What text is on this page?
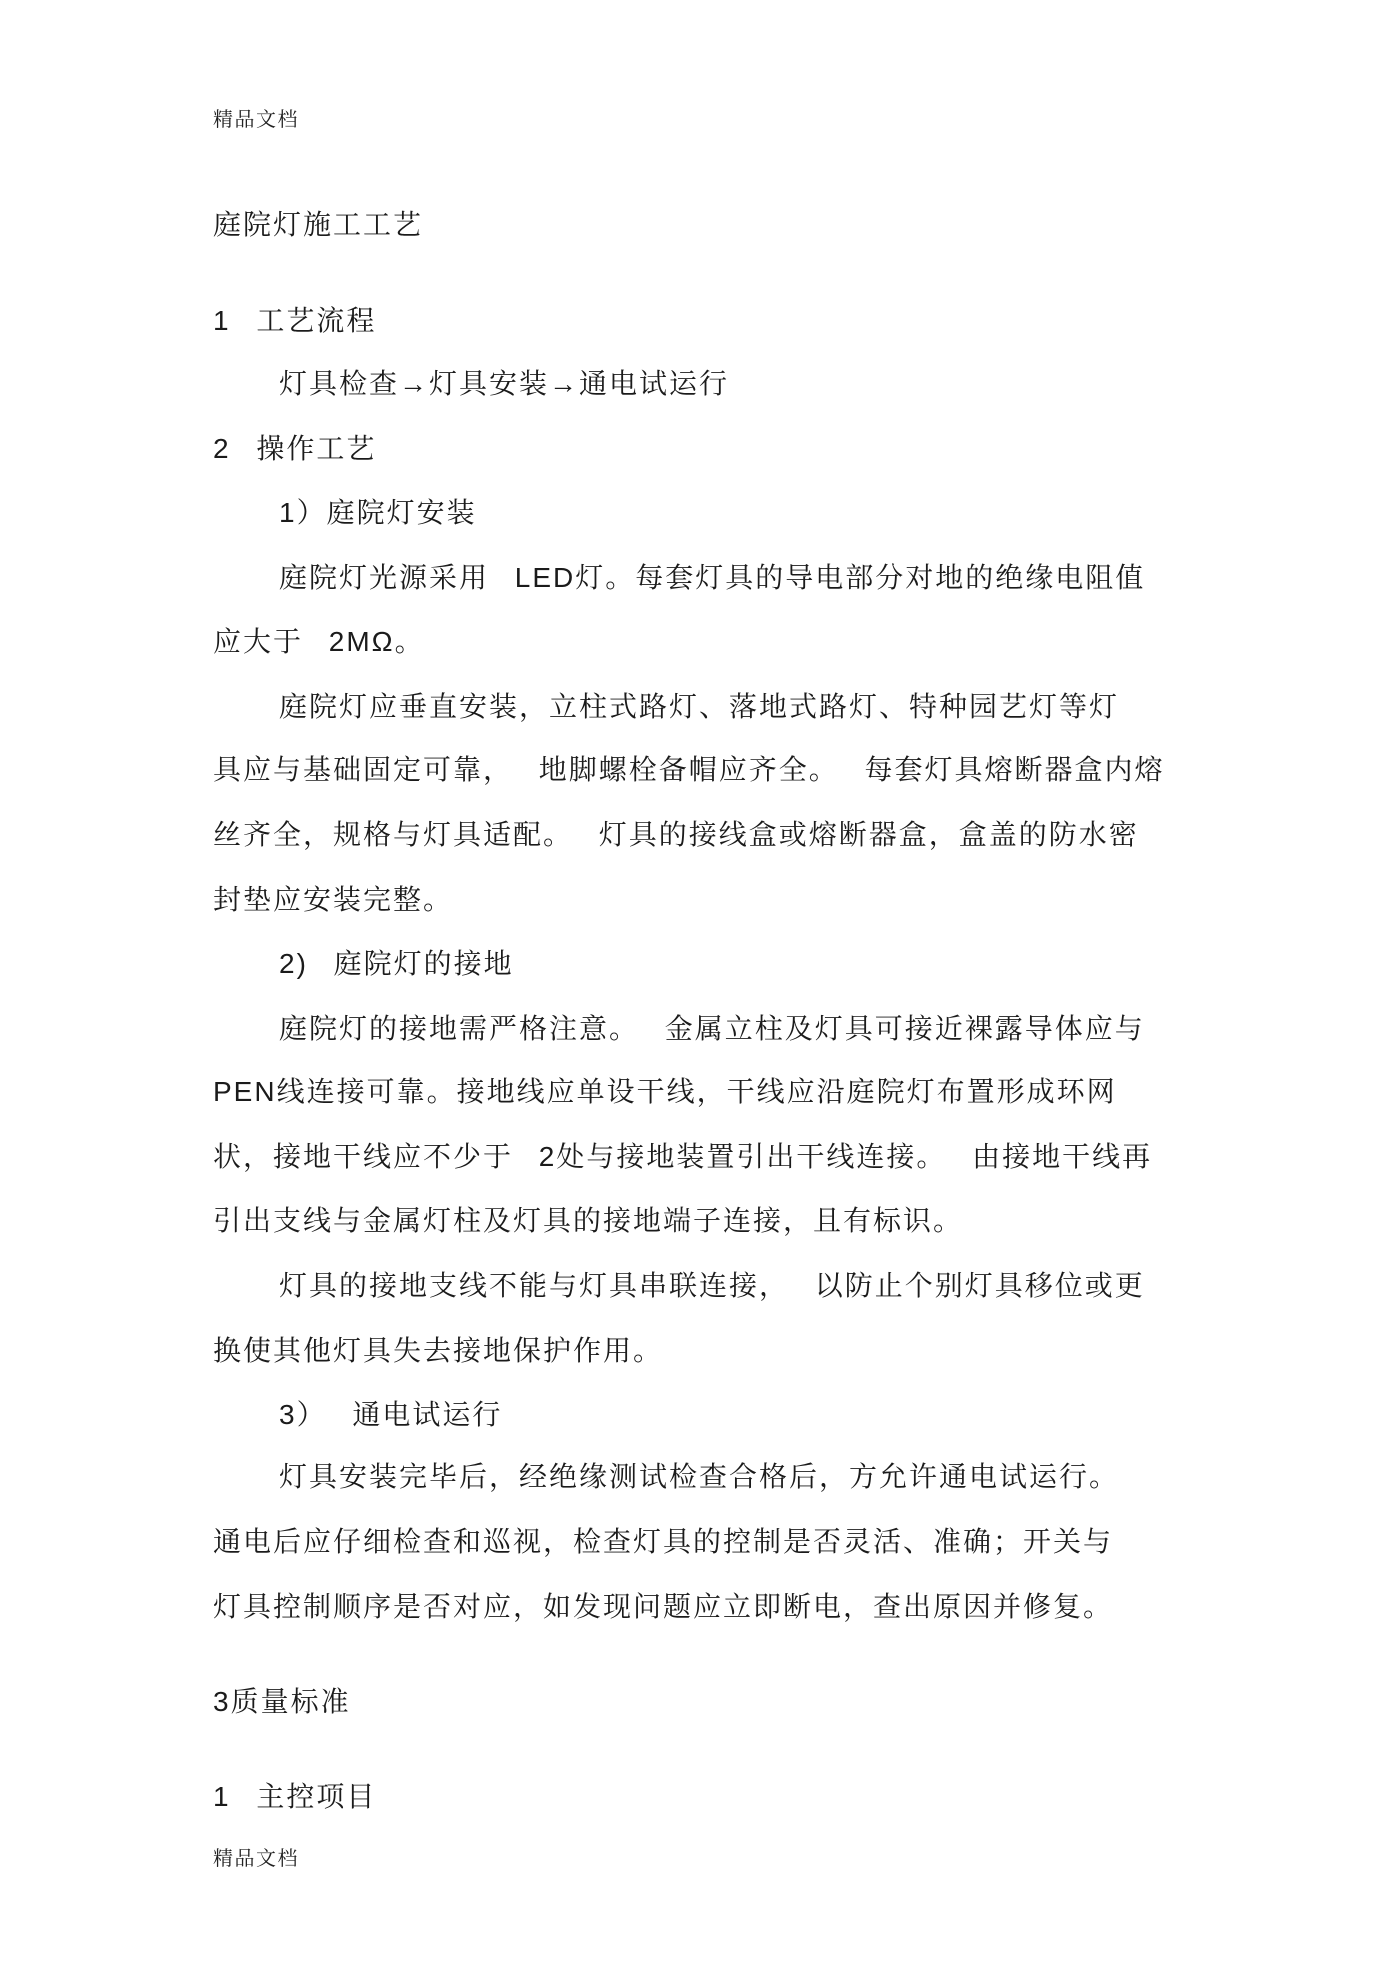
精品文档
庭院灯施工工艺
1 工艺流程
灯具检查→灯具安装→通电试运行
2 操作工艺
1）庭院灯安装
庭院灯光源采用 LED灯。每套灯具的导电部分对地的绝缘电阻值
应大于 2MΩ。
庭院灯应垂直安装，立柱式路灯、落地式路灯、特种园艺灯等灯
具应与基础固定可靠， 地脚螺栓备帽应齐全。 每套灯具熔断器盒内熔
丝齐全，规格与灯具适配。 灯具的接线盒或熔断器盒，盒盖的防水密
封垫应安装完整。
2) 庭院灯的接地
庭院灯的接地需严格注意。 金属立柱及灯具可接近裸露导体应与
PEN线连接可靠。接地线应单设干线，干线应沿庭院灯布置形成环网
状，接地干线应不少于 2处与接地装置引出干线连接。 由接地干线再
引出支线与金属灯柱及灯具的接地端子连接，且有标识。
灯具的接地支线不能与灯具串联连接， 以防止个别灯具移位或更
换使其他灯具失去接地保护作用。
3） 通电试运行
灯具安装完毕后，经绝缘测试检查合格后，方允许通电试运行。
通电后应仔细检查和巡视，检查灯具的控制是否灵活、准确；开关与
灯具控制顺序是否对应，如发现问题应立即断电，查出原因并修复。
3质量标准
1 主控项目
精品文档
